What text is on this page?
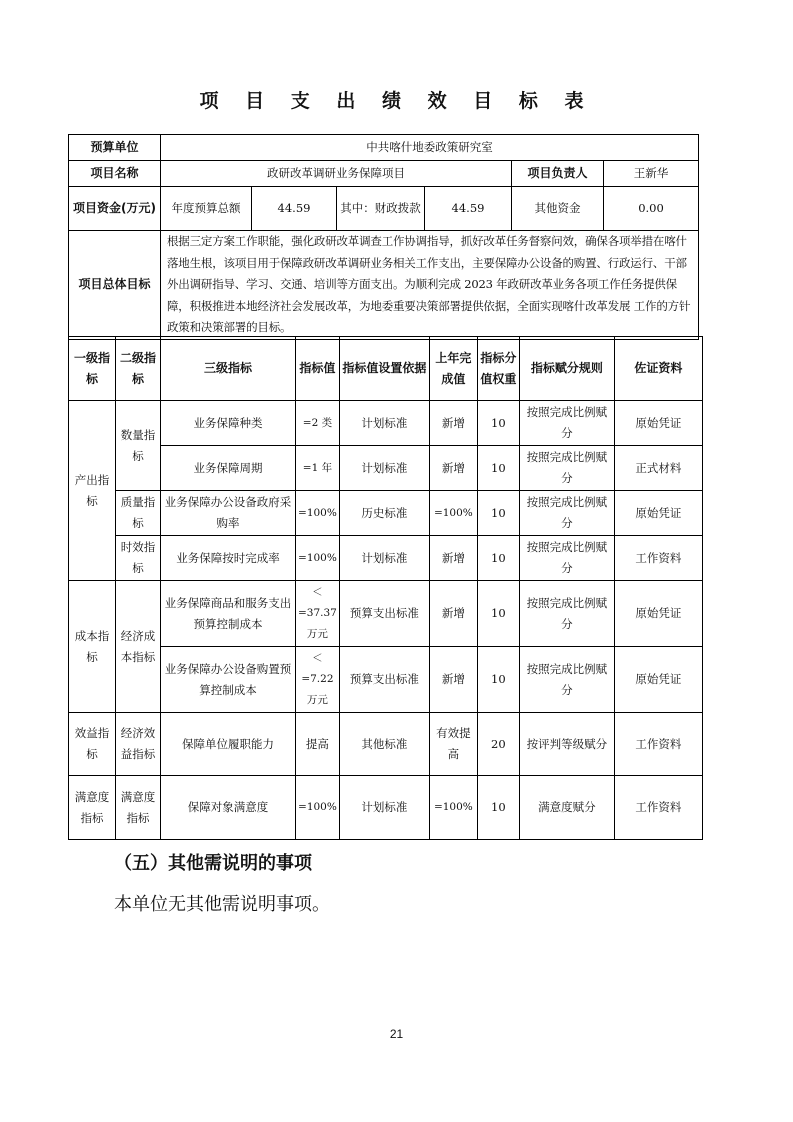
项 目 支 出 绩 效 目 标 表
预算单位	中共喀什地委政策研究室					
项目名称	政研改革调研业务保障项目				项目负责人	王新华
项目资金(万元)	年度预算总额	44.59	其中：财政拨款	44.59	其他资金	0.00
项目总体目标	根据三定方案工作职能，强化政研改革调查工作协调指导，抓好改革任务督察问效，确保各项举措在喀什落地生根，该项目用于保障政研改革调研业务相关工作支出，主要保障办公设备的购置、行政运行、干部外出调研指导、学习、交通、培训等方面支出。为顺利完成 2023 年政研改革业务各项工作任务提供保障，积极推进本地经济社会发展改革，为地委重要决策部署提供依据，全面实现喀什改革发展 工作的方针政策和决策部署的目标。					
一级指标	二级指标	三级指标	指标值	指标值设置依据	上年完成值	指标分值权重	指标赋分规则	佐证资料
产出指标	数量指标	业务保障种类	=2 类	计划标准	新增	10	按照完成比例赋分	原始凭证
		业务保障周期	=1 年	计划标准	新增	10	按照完成比例赋分	正式材料
	质量指标	业务保障办公设备政府采购率	=100%	历史标准	=100%	10	按照完成比例赋分	原始凭证
	时效指标	业务保障按时完成率	=100%	计划标准	新增	10	按照完成比例赋分	工作资料
成本指标	经济成本指标	业务保障商品和服务支出预算控制成本	＜=37.37 万元	预算支出标准	新增	10	按照完成比例赋分	原始凭证
		业务保障办公设备购置预算控制成本	＜=7.22 万元	预算支出标准	新增	10	按照完成比例赋分	原始凭证
效益指标	经济效益指标	保障单位履职能力	提高	其他标准	有效提高	20	按评判等级赋分	工作资料
满意度指标	满意度指标	保障对象满意度	=100%	计划标准	=100%	10	满意度赋分	工作资料
（五）其他需说明的事项
本单位无其他需说明事项。
21
